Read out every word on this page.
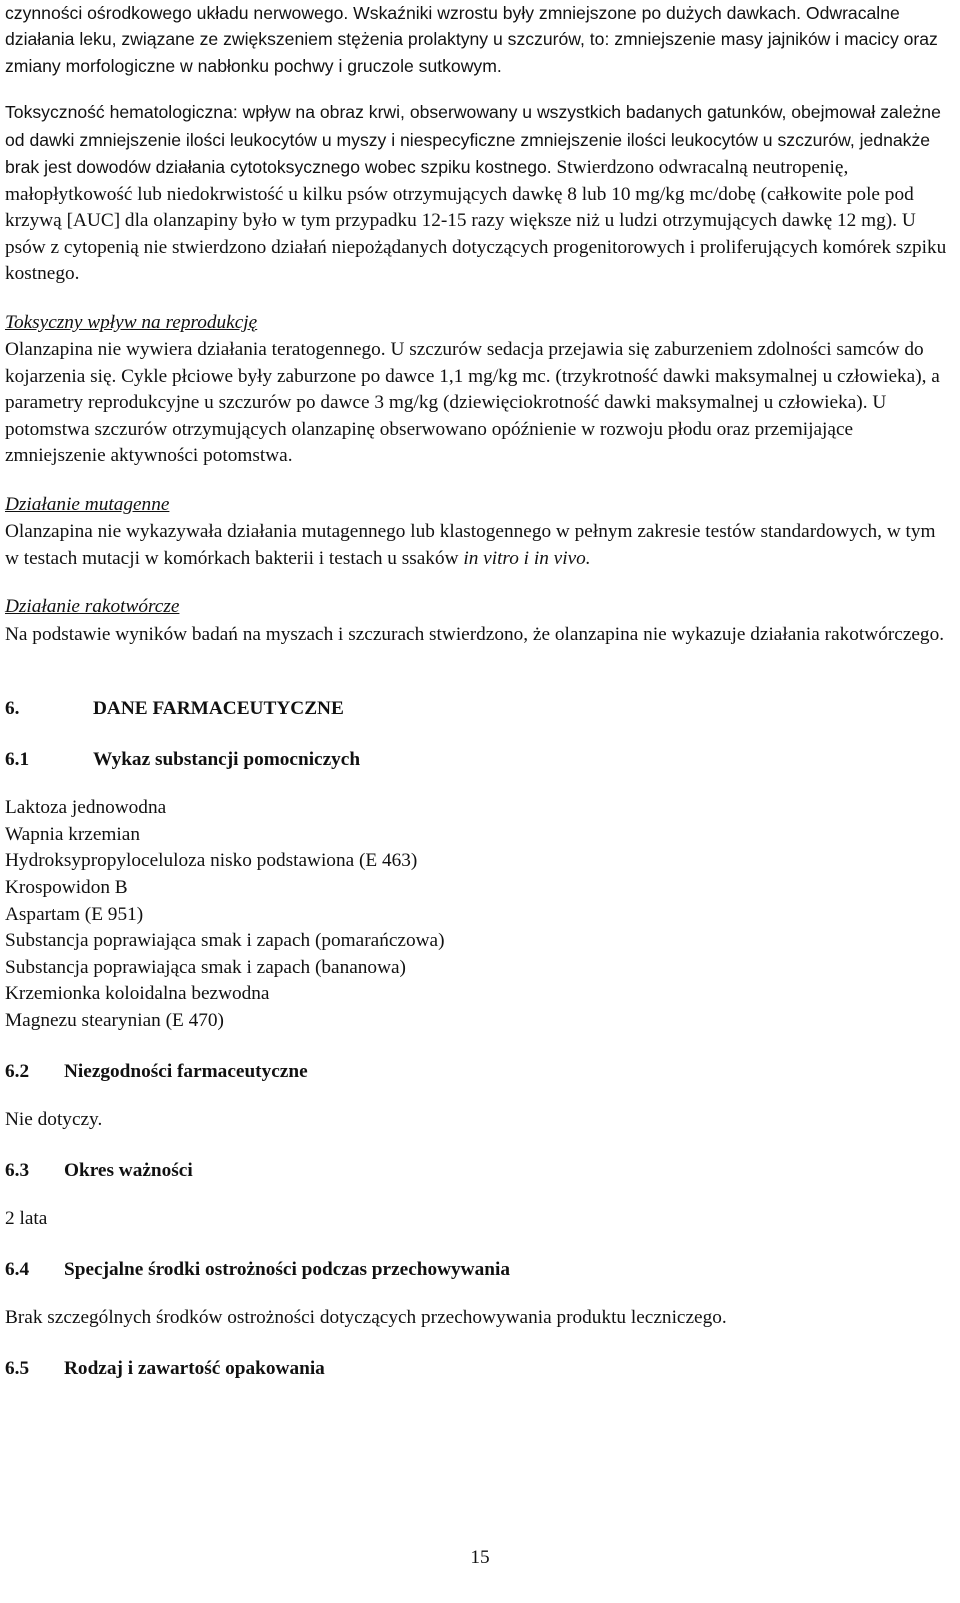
czynności ośrodkowego układu nerwowego. Wskaźniki wzrostu były zmniejszone po dużych dawkach. Odwracalne działania leku, związane ze zwiększeniem stężenia prolaktyny u szczurów, to: zmniejszenie masy jajników i macicy oraz zmiany morfologiczne w nabłonku pochwy i gruczole sutkowym.

Toksyczność hematologiczna: wpływ na obraz krwi, obserwowany u wszystkich badanych gatunków, obejmował zależne od dawki zmniejszenie ilości leukocytów u myszy i niespecyficzne zmniejszenie ilości leukocytów u szczurów, jednakże brak jest dowodów działania cytotoksycznego wobec szpiku kostnego. Stwierdzono odwracalną neutropenię, małopłytkowość lub niedokrwistość u kilku psów otrzymujących dawkę 8 lub 10 mg/kg mc/dobę (całkowite pole pod krzywą [AUC] dla olanzapiny było w tym przypadku 12-15 razy większe niż u ludzi otrzymujących dawkę 12 mg). U psów z cytopenią nie stwierdzono działań niepożądanych dotyczących progenitorowych i proliferujących komórek szpiku kostnego.

Toksyczny wpływ na reprodukcję

Olanzapina nie wywiera działania teratogennego. U szczurów sedacja przejawia się zaburzeniem zdolności samców do kojarzenia się. Cykle płciowe były zaburzone po dawce 1,1 mg/kg mc. (trzykrotność dawki maksymalnej u człowieka), a parametry reprodukcyjne u szczurów po dawce 3 mg/kg (dziewięciokrotność dawki maksymalnej u człowieka). U potomstwa szczurów otrzymujących olanzapinę obserwowano opóźnienie w rozwoju płodu oraz przemijające zmniejszenie aktywności potomstwa.

Działanie mutagenne

Olanzapina nie wykazywała działania mutagennego lub klastogennego w pełnym zakresie testów standardowych, w tym w testach mutacji w komórkach bakterii i testach u ssaków in vitro i in vivo.

Działanie rakotwórcze

Na podstawie wyników badań na myszach i szczurach stwierdzono, że olanzapina nie wykazuje działania rakotwórczego.

6.	DANE FARMACEUTYCZNE
6.1	Wykaz substancji pomocniczych
Laktoza jednowodna
Wapnia krzemian
Hydroksypropyloceluloza nisko podstawiona (E 463)
Krospowidon B
Aspartam (E 951)
Substancja poprawiająca smak i zapach (pomarańczowa)
Substancja poprawiająca smak i zapach (bananowa)
Krzemionka koloidalna bezwodna
Magnezu stearynian (E 470)
6.2	Niezgodności farmaceutyczne

Nie dotyczy.

6.3	Okres ważności

2 lata

6.4	Specjalne środki ostrożności podczas przechowywania

Brak szczególnych środków ostrożności dotyczących przechowywania produktu leczniczego.

6.5	Rodzaj i zawartość opakowania
15
